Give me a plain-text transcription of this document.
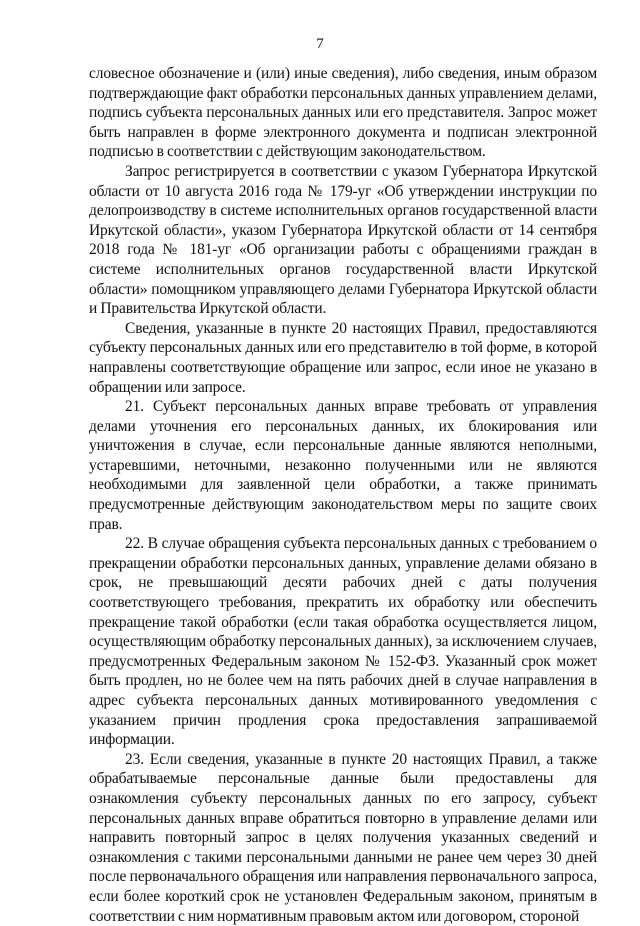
7

словесное обозначение и (или) иные сведения), либо сведения, иным образом подтверждающие факт обработки персональных данных управлением делами, подпись субъекта персональных данных или его представителя. Запрос может быть направлен в форме электронного документа и подписан электронной подписью в соответствии с действующим законодательством.

Запрос регистрируется в соответствии с указом Губернатора Иркутской области от 10 августа 2016 года № 179-уг «Об утверждении инструкции по делопроизводству в системе исполнительных органов государственной власти Иркутской области», указом Губернатора Иркутской области от 14 сентября 2018 года № 181-уг «Об организации работы с обращениями граждан в системе исполнительных органов государственной власти Иркутской области» помощником управляющего делами Губернатора Иркутской области и Правительства Иркутской области.

Сведения, указанные в пункте 20 настоящих Правил, предоставляются субъекту персональных данных или его представителю в той форме, в которой направлены соответствующие обращение или запрос, если иное не указано в обращении или запросе.

21. Субъект персональных данных вправе требовать от управления делами уточнения его персональных данных, их блокирования или уничтожения в случае, если персональные данные являются неполными, устаревшими, неточными, незаконно полученными или не являются необходимыми для заявленной цели обработки, а также принимать предусмотренные действующим законодательством меры по защите своих прав.

22. В случае обращения субъекта персональных данных с требованием о прекращении обработки персональных данных, управление делами обязано в срок, не превышающий десяти рабочих дней с даты получения соответствующего требования, прекратить их обработку или обеспечить прекращение такой обработки (если такая обработка осуществляется лицом, осуществляющим обработку персональных данных), за исключением случаев, предусмотренных Федеральным законом № 152-ФЗ. Указанный срок может быть продлен, но не более чем на пять рабочих дней в случае направления в адрес субъекта персональных данных мотивированного уведомления с указанием причин продления срока предоставления запрашиваемой информации.

23. Если сведения, указанные в пункте 20 настоящих Правил, а также обрабатываемые персональные данные были предоставлены для ознакомления субъекту персональных данных по его запросу, субъект персональных данных вправе обратиться повторно в управление делами или направить повторный запрос в целях получения указанных сведений и ознакомления с такими персональными данными не ранее чем через 30 дней после первоначального обращения или направления первоначального запроса, если более короткий срок не установлен Федеральным законом, принятым в соответствии с ним нормативным правовым актом или договором, стороной
